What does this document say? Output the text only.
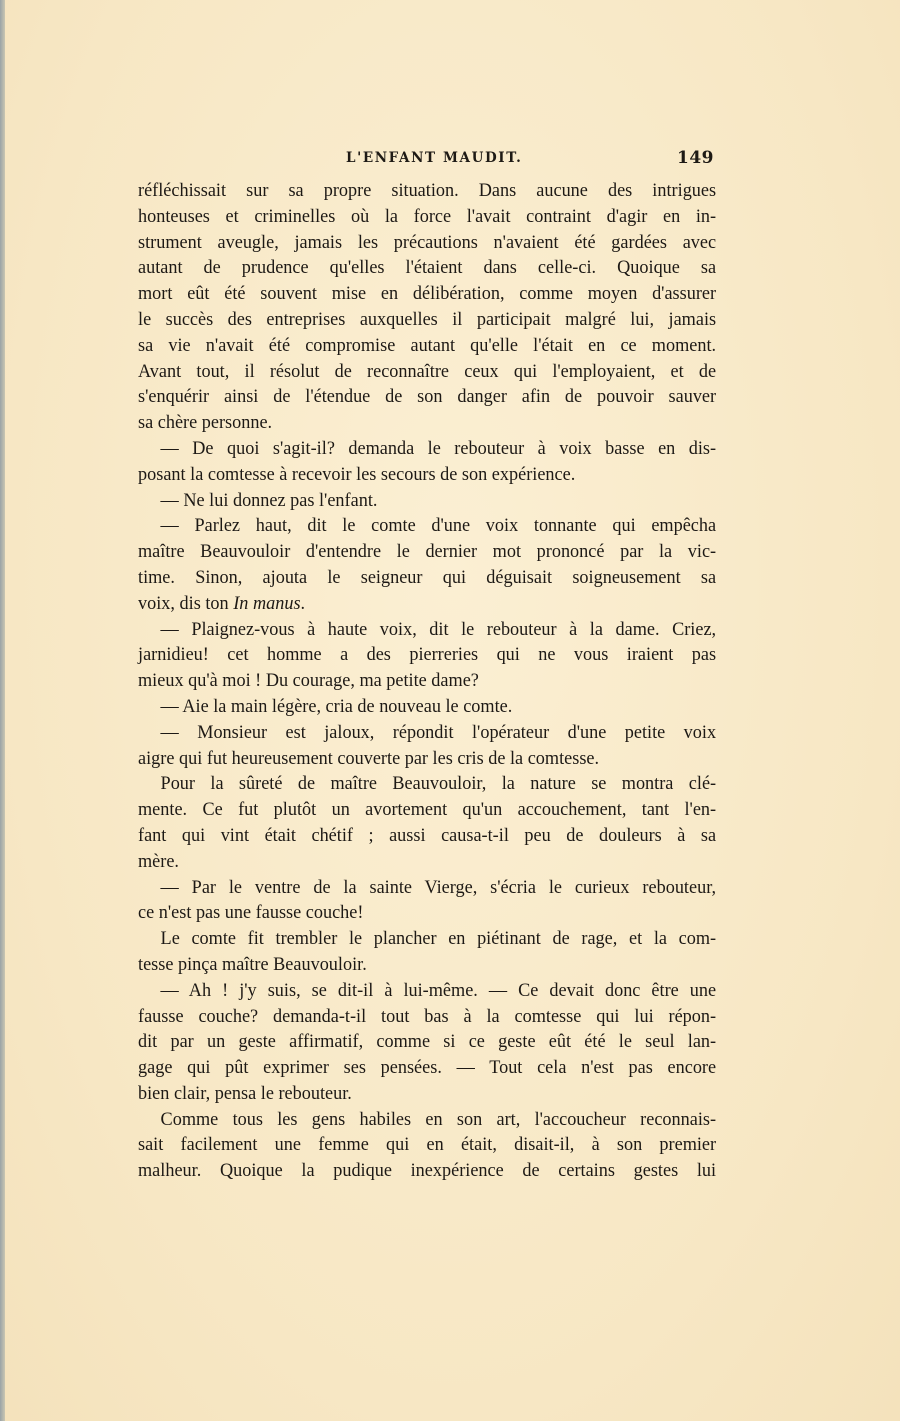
L'ENFANT MAUDIT.	149
réfléchissait sur sa propre situation. Dans aucune des intrigues
honteuses et criminelles où la force l'avait contraint d'agir en in-
strument aveugle, jamais les précautions n'avaient été gardées avec
autant de prudence qu'elles l'étaient dans celle-ci. Quoique sa
mort eût été souvent mise en délibération, comme moyen d'assurer
le succès des entreprises auxquelles il participait malgré lui, jamais
sa vie n'avait été compromise autant qu'elle l'était en ce moment.
Avant tout, il résolut de reconnaître ceux qui l'employaient, et de
s'enquérir ainsi de l'étendue de son danger afin de pouvoir sauver
sa chère personne.
— De quoi s'agit-il? demanda le rebouteur à voix basse en dis-
posant la comtesse à recevoir les secours de son expérience.
— Ne lui donnez pas l'enfant.
— Parlez haut, dit le comte d'une voix tonnante qui empêcha
maître Beauvouloir d'entendre le dernier mot prononcé par la vic-
time. Sinon, ajouta le seigneur qui déguisait soigneusement sa
voix, dis ton In manus.
— Plaignez-vous à haute voix, dit le rebouteur à la dame. Criez,
jarnidieu! cet homme a des pierreries qui ne vous iraient pas
mieux qu'à moi ! Du courage, ma petite dame?
— Aie la main légère, cria de nouveau le comte.
— Monsieur est jaloux, répondit l'opérateur d'une petite voix
aigre qui fut heureusement couverte par les cris de la comtesse.
Pour la sûreté de maître Beauvouloir, la nature se montra clé-
mente. Ce fut plutôt un avortement qu'un accouchement, tant l'en-
fant qui vint était chétif ; aussi causa-t-il peu de douleurs à sa
mère.
— Par le ventre de la sainte Vierge, s'écria le curieux rebouteur,
ce n'est pas une fausse couche!
Le comte fit trembler le plancher en piétinant de rage, et la com-
tesse pinça maître Beauvouloir.
— Ah ! j'y suis, se dit-il à lui-même. — Ce devait donc être une
fausse couche? demanda-t-il tout bas à la comtesse qui lui répon-
dit par un geste affirmatif, comme si ce geste eût été le seul lan-
gage qui pût exprimer ses pensées. — Tout cela n'est pas encore
bien clair, pensa le rebouteur.
Comme tous les gens habiles en son art, l'accoucheur reconnais-
sait facilement une femme qui en était, disait-il, à son premier
malheur. Quoique la pudique inexpérience de certains gestes lui
